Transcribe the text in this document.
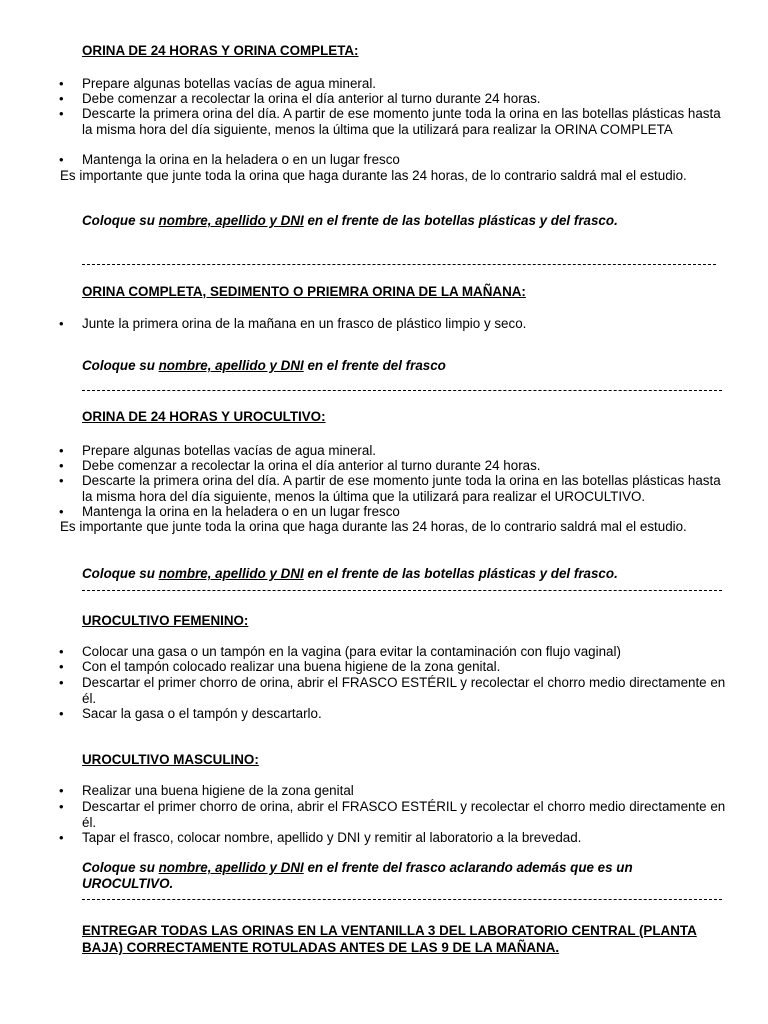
ORINA DE 24 HORAS Y ORINA COMPLETA:
• Prepare algunas botellas vacías de agua mineral.
• Debe comenzar a recolectar la orina el día anterior al turno durante 24 horas.
• Descarte la primera orina del día. A partir de ese momento junte toda la orina en las botellas plásticas hasta la misma hora del día siguiente, menos la última que la utilizará para realizar la ORINA COMPLETA
• Mantenga la orina en la heladera o en un lugar fresco
Es importante que junte toda la orina que haga durante las 24 horas, de lo contrario saldrá mal el estudio.
Coloque su nombre, apellido y DNI en el frente de las botellas plásticas y del frasco.
ORINA COMPLETA, SEDIMENTO O PRIEMRA ORINA DE LA MAÑANA:
• Junte la primera orina de la mañana en un frasco de plástico limpio y seco.
Coloque su nombre, apellido y DNI en el frente del frasco
ORINA DE 24 HORAS Y UROCULTIVO:
• Prepare algunas botellas vacías de agua mineral.
• Debe comenzar a recolectar la orina el día anterior al turno durante 24 horas.
• Descarte la primera orina del día. A partir de ese momento junte toda la orina en las botellas plásticas hasta la misma hora del día siguiente, menos la última que la utilizará para realizar el UROCULTIVO.
• Mantenga la orina en la heladera o en un lugar fresco
Es importante que junte toda la orina que haga durante las 24 horas, de lo contrario saldrá mal el estudio.
Coloque su nombre, apellido y DNI en el frente de las botellas plásticas y del frasco.
UROCULTIVO FEMENINO:
• Colocar una gasa o un tampón en la vagina (para evitar la contaminación con flujo vaginal)
• Con el tampón colocado realizar una buena higiene de la zona genital.
• Descartar el primer chorro de orina, abrir el FRASCO ESTÉRIL y recolectar el chorro medio directamente en él.
• Sacar la gasa o el tampón y descartarlo.
UROCULTIVO MASCULINO:
• Realizar una buena higiene de la zona genital
• Descartar el primer chorro de orina, abrir el FRASCO ESTÉRIL y recolectar el chorro medio directamente en él.
• Tapar el frasco, colocar nombre, apellido y DNI y remitir al laboratorio a la brevedad.
Coloque su nombre, apellido y DNI en el frente del frasco aclarando además que es un UROCULTIVO.
ENTREGAR TODAS LAS ORINAS EN LA VENTANILLA 3 DEL LABORATORIO CENTRAL (PLANTA BAJA) CORRECTAMENTE ROTULADAS ANTES DE LAS 9 DE LA MAÑANA.
